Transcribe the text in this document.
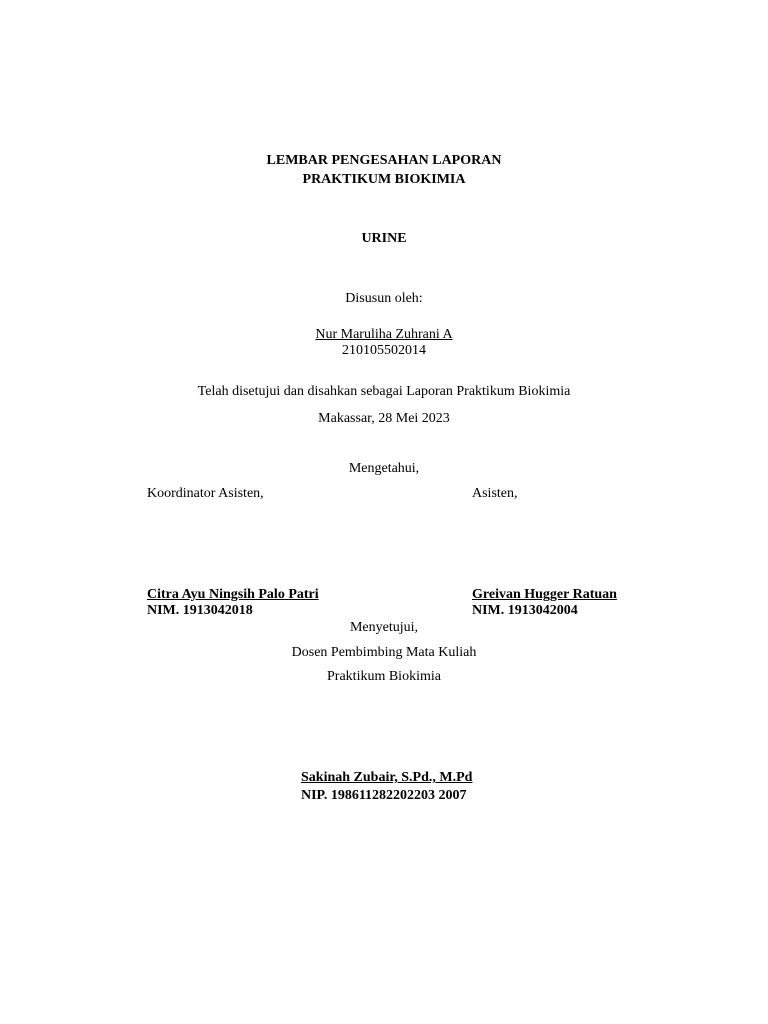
LEMBAR PENGESAHAN LAPORAN
PRAKTIKUM BIOKIMIA
URINE
Disusun oleh:
Nur Maruliha Zuhrani A
210105502014
Telah disetujui dan disahkan sebagai Laporan Praktikum Biokimia
Makassar, 28 Mei 2023
Mengetahui,
Koordinator Asisten,	Asisten,
Citra Ayu Ningsih Palo Patri
NIM. 1913042018
Greivan Hugger Ratuan
NIM. 1913042004
Menyetujui,
Dosen Pembimbing Mata Kuliah
Praktikum Biokimia
Sakinah Zubair, S.Pd., M.Pd
NIP. 198611282202203 2007
